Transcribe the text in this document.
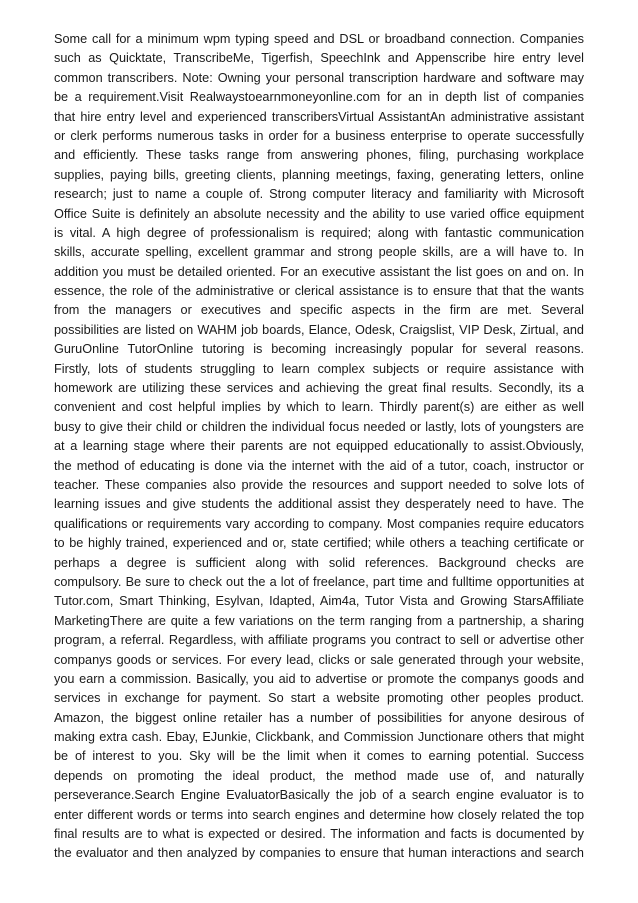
Some call for a minimum wpm typing speed and DSL or broadband connection. Companies
such as Quicktate, TranscribeMe, Tigerfish, SpeechInk and Appenscribe hire entry level
common transcribers. Note: Owning your personal transcription hardware and software may
be a requirement.Visit Realwaystoearnmoneyonline.com for an in depth list of companies
that hire entry level and experienced transcribersVirtual AssistantAn administrative assistant
or clerk performs numerous tasks in order for a business enterprise to operate successfully
and efficiently. These tasks range from answering phones, filing, purchasing workplace
supplies, paying bills, greeting clients, planning meetings, faxing, generating letters, online
research; just to name a couple of. Strong computer literacy and familiarity with Microsoft
Office Suite is definitely an absolute necessity and the ability to use varied office equipment
is vital. A high degree of professionalism is required; along with fantastic communication
skills, accurate spelling, excellent grammar and strong people skills, are a will have to. In
addition you must be detailed oriented. For an executive assistant the list goes on and on. In
essence, the role of the administrative or clerical assistance is to ensure that that the wants
from the managers or executives and specific aspects in the firm are met. Several
possibilities are listed on WAHM job boards, Elance, Odesk, Craigslist, VIP Desk, Zirtual, and
GuruOnline TutorOnline tutoring is becoming increasingly popular for several reasons.
Firstly, lots of students struggling to learn complex subjects or require assistance with
homework are utilizing these services and achieving the great final results. Secondly, its a
convenient and cost helpful implies by which to learn. Thirdly parent(s) are either as well
busy to give their child or children the individual focus needed or lastly, lots of youngsters are
at a learning stage where their parents are not equipped educationally to assist.Obviously,
the method of educating is done via the internet with the aid of a tutor, coach, instructor or
teacher. These companies also provide the resources and support needed to solve lots of
learning issues and give students the additional assist they desperately need to have. The
qualifications or requirements vary according to company. Most companies require educators
to be highly trained, experienced and or, state certified; while others a teaching certificate or
perhaps a degree is sufficient along with solid references. Background checks are
compulsory. Be sure to check out the a lot of freelance, part time and fulltime opportunities at
Tutor.com, Smart Thinking, Esylvan, Idapted, Aim4a, Tutor Vista and Growing StarsAffiliate
MarketingThere are quite a few variations on the term ranging from a partnership, a sharing
program, a referral. Regardless, with affiliate programs you contract to sell or advertise other
companys goods or services. For every lead, clicks or sale generated through your website,
you earn a commission. Basically, you aid to advertise or promote the companys goods and
services in exchange for payment. So start a website promoting other peoples product.
Amazon, the biggest online retailer has a number of possibilities for anyone desirous of
making extra cash. Ebay, EJunkie, Clickbank, and Commission Junctionare others that might
be of interest to you. Sky will be the limit when it comes to earning potential. Success
depends on promoting the ideal product, the method made use of, and naturally
perseverance.Search Engine EvaluatorBasically the job of a search engine evaluator is to
enter different words or terms into search engines and determine how closely related the top
final results are to what is expected or desired. The information and facts is documented by
the evaluator and then analyzed by companies to ensure that human interactions and search
